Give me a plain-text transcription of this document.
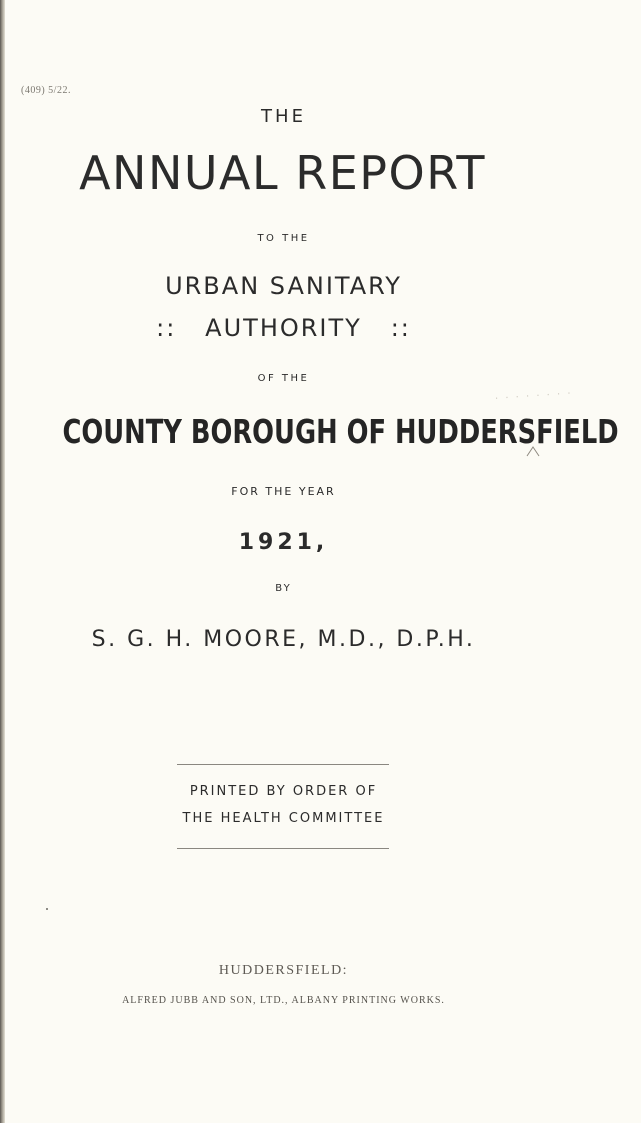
(409) 5/22.
THE
ANNUAL REPORT
TO THE
URBAN SANITARY
::   AUTHORITY   ::
OF THE
COUNTY BOROUGH OF HUDDERSFIELD
· · · · · · · ·
FOR THE YEAR
1921,
BY
S. G. H. MOORE, M.D., D.P.H.
PRINTED BY ORDER OF
THE HEALTH COMMITTEE
HUDDERSFIELD:
ALFRED JUBB AND SON, LTD., ALBANY PRINTING WORKS.
